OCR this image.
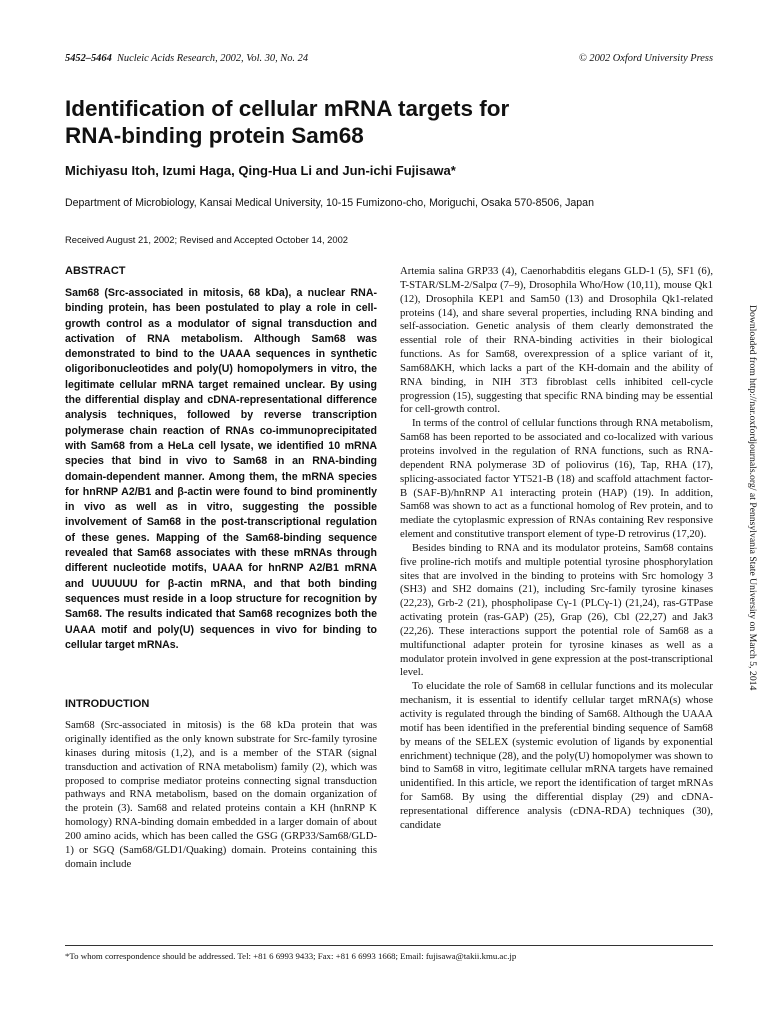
5452–5464 Nucleic Acids Research, 2002, Vol. 30, No. 24	© 2002 Oxford University Press
Identification of cellular mRNA targets for
RNA-binding protein Sam68

Michiyasu Itoh, Izumi Haga, Qing-Hua Li and Jun-ichi Fujisawa*

Department of Microbiology, Kansai Medical University, 10-15 Fumizono-cho, Moriguchi, Osaka 570-8506, Japan

Received August 21, 2002; Revised and Accepted October 14, 2002

ABSTRACT

Sam68 (Src-associated in mitosis, 68 kDa), a nuclear RNA-binding protein, has been postulated to play a role in cell-growth control as a modulator of signal transduction and activation of RNA metabolism. Although Sam68 was demonstrated to bind to the UAAA sequences in synthetic oligoribonucleotides and poly(U) homopolymers in vitro, the legitimate cellular mRNA target remained unclear. By using the differential display and cDNA-representational difference analysis techniques, followed by reverse transcription polymerase chain reaction of RNAs co-immunoprecipitated with Sam68 from a HeLa cell lysate, we identified 10 mRNA species that bind in vivo to Sam68 in an RNA-binding domain-dependent manner. Among them, the mRNA species for hnRNP A2/B1 and β-actin were found to bind prominently in vivo as well as in vitro, suggesting the possible involvement of Sam68 in the post-transcriptional regulation of these genes. Mapping of the Sam68-binding sequence revealed that Sam68 associates with these mRNAs through different nucleotide motifs, UAAA for hnRNP A2/B1 mRNA and UUUUUU for β-actin mRNA, and that both binding sequences must reside in a loop structure for recognition by Sam68. The results indicated that Sam68 recognizes both the UAAA motif and poly(U) sequences in vivo for binding to cellular target mRNAs.

INTRODUCTION

Sam68 (Src-associated in mitosis) is the 68 kDa protein that was originally identified as the only known substrate for Src-family tyrosine kinases during mitosis (1,2), and is a member of the STAR (signal transduction and activation of RNA metabolism) family (2), which was proposed to comprise mediator proteins connecting signal transduction pathways and RNA metabolism, based on the domain organization of the protein (3). Sam68 and related proteins contain a KH (hnRNP K homology) RNA-binding domain embedded in a larger domain of about 200 amino acids, which has been called the GSG (GRP33/Sam68/GLD-1) or SGQ (Sam68/GLD1/Quaking) domain. Proteins containing this domain include

Artemia salina GRP33 (4), Caenorhabditis elegans GLD-1 (5), SF1 (6), T-STAR/SLM-2/Salpα (7–9), Drosophila Who/How (10,11), mouse Qk1 (12), Drosophila KEP1 and Sam50 (13) and Drosophila Qk1-related proteins (14), and share several properties, including RNA binding and self-association. Genetic analysis of them clearly demonstrated the essential role of their RNA-binding activities in their biological functions. As for Sam68, overexpression of a splice variant of it, Sam68ΔKH, which lacks a part of the KH-domain and the ability of RNA binding, in NIH 3T3 fibroblast cells inhibited cell-cycle progression (15), suggesting that specific RNA binding may be essential for cell-growth control.

In terms of the control of cellular functions through RNA metabolism, Sam68 has been reported to be associated and co-localized with various proteins involved in the regulation of RNA functions, such as RNA-dependent RNA polymerase 3D of poliovirus (16), Tap, RHA (17), splicing-associated factor YT521-B (18) and scaffold attachment factor-B (SAF-B)/hnRNP A1 interacting protein (HAP) (19). In addition, Sam68 was shown to act as a functional homolog of Rev protein, and to mediate the cytoplasmic expression of RNAs containing Rev responsive element and constitutive transport element of type-D retrovirus (17,20).

Besides binding to RNA and its modulator proteins, Sam68 contains five proline-rich motifs and multiple potential tyrosine phosphorylation sites that are involved in the binding to proteins with Src homology 3 (SH3) and SH2 domains (21), including Src-family tyrosine kinases (22,23), Grb-2 (21), phospholipase Cγ-1 (PLCγ-1) (21,24), ras-GTPase activating protein (ras-GAP) (25), Grap (26), Cbl (22,27) and Jak3 (22,26). These interactions support the potential role of Sam68 as a multifunctional adapter protein for tyrosine kinases as well as a modulator protein involved in gene expression at the post-transcriptional level.

To elucidate the role of Sam68 in cellular functions and its molecular mechanism, it is essential to identify cellular target mRNA(s) whose activity is regulated through the binding of Sam68. Although the UAAA motif has been identified in the preferential binding sequence of Sam68 by means of the SELEX (systemic evolution of ligands by exponential enrichment) technique (28), and the poly(U) homopolymer was shown to bind to Sam68 in vitro, legitimate cellular mRNA targets have remained unidentified. In this article, we report the identification of target mRNAs for Sam68. By using the differential display (29) and cDNA-representational difference analysis (cDNA-RDA) techniques (30), candidate

*To whom correspondence should be addressed. Tel: +81 6 6993 9433; Fax: +81 6 6993 1668; Email: fujisawa@takii.kmu.ac.jp

Downloaded from http://nar.oxfordjournals.org/ at Pennsylvania State University on March 5, 2014
